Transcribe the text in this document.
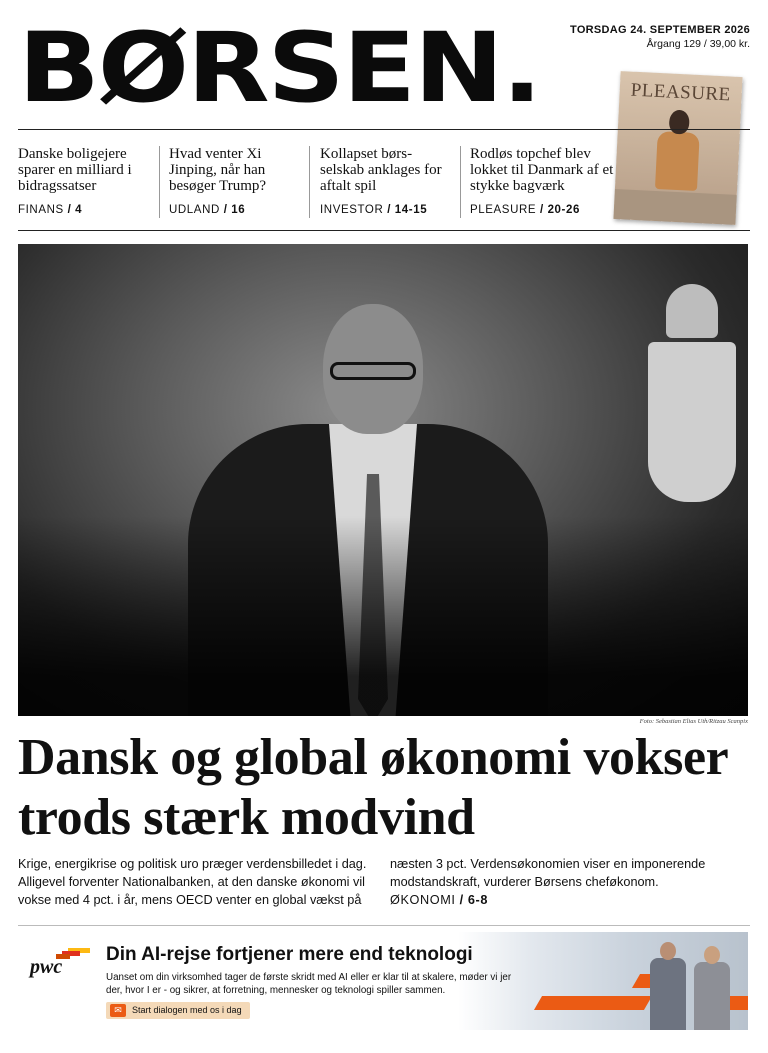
BØRSEN.	TORSDAG 24. SEPTEMBER 2026
Årgang 129 / 39,00 kr.
PLEASURE
Danske boligejere sparer en milliard i bidragssatser
FINANS / 4
Hvad venter Xi Jinping, når han besøger Trump?
UDLAND / 16
Kollapset børsselskab anklages for aftalt spil
INVESTOR / 14-15
Rodløs topchef blev lokket til Danmark af et stykke bagværk
PLEASURE / 20-26
Foto: Sebastian Elias Uth/Ritzau Scanpix
Dansk og global økonomi vokser trods stærk modvind
Krige, energikrise og politisk uro præger verdensbilledet i dag. Alligevel forventer Nationalbanken, at den danske økonomi vil vokse med 4 pct. i år, mens OECD venter en global vækst på
næsten 3 pct. Verdensøkonomien viser en imponerende modstandskraft, vurderer Børsens cheføkonom.
ØKONOMI / 6-8
pwc
Din AI-rejse fortjener mere end teknologi
Uanset om din virksomhed tager de første skridt med AI eller er klar til at skalere, møder vi jer der, hvor I er - og sikrer, at forretning, mennesker og teknologi spiller sammen.
✉	Start dialogen med os i dag
